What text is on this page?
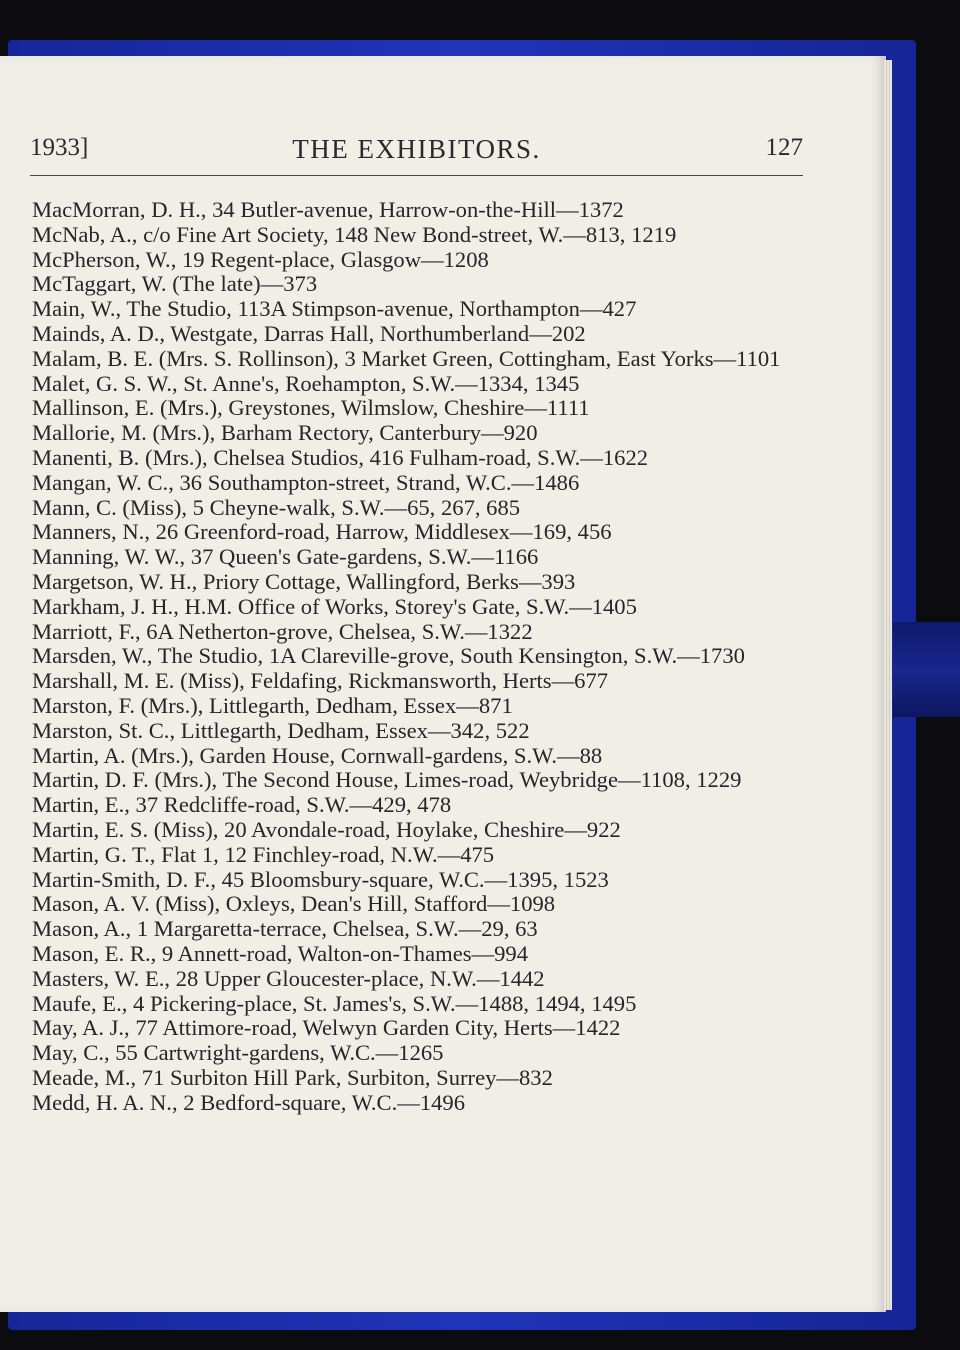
THE EXHIBITORS.
1933]	127
MacMorran, D. H., 34 Butler-avenue, Harrow-on-the-Hill—1372
McNab, A., c/o Fine Art Society, 148 New Bond-street, W.—813, 1219
McPherson, W., 19 Regent-place, Glasgow—1208
McTaggart, W. (The late)—373
Main, W., The Studio, 113A Stimpson-avenue, Northampton—427
Mainds, A. D., Westgate, Darras Hall, Northumberland—202
Malam, B. E. (Mrs. S. Rollinson), 3 Market Green, Cottingham, East Yorks—1101
Malet, G. S. W., St. Anne's, Roehampton, S.W.—1334, 1345
Mallinson, E. (Mrs.), Greystones, Wilmslow, Cheshire—1111
Mallorie, M. (Mrs.), Barham Rectory, Canterbury—920
Manenti, B. (Mrs.), Chelsea Studios, 416 Fulham-road, S.W.—1622
Mangan, W. C., 36 Southampton-street, Strand, W.C.—1486
Mann, C. (Miss), 5 Cheyne-walk, S.W.—65, 267, 685
Manners, N., 26 Greenford-road, Harrow, Middlesex—169, 456
Manning, W. W., 37 Queen's Gate-gardens, S.W.—1166
Margetson, W. H., Priory Cottage, Wallingford, Berks—393
Markham, J. H., H.M. Office of Works, Storey's Gate, S.W.—1405
Marriott, F., 6A Netherton-grove, Chelsea, S.W.—1322
Marsden, W., The Studio, 1A Clareville-grove, South Kensington, S.W.—1730
Marshall, M. E. (Miss), Feldafing, Rickmansworth, Herts—677
Marston, F. (Mrs.), Littlegarth, Dedham, Essex—871
Marston, St. C., Littlegarth, Dedham, Essex—342, 522
Martin, A. (Mrs.), Garden House, Cornwall-gardens, S.W.—88
Martin, D. F. (Mrs.), The Second House, Limes-road, Weybridge—1108, 1229
Martin, E., 37 Redcliffe-road, S.W.—429, 478
Martin, E. S. (Miss), 20 Avondale-road, Hoylake, Cheshire—922
Martin, G. T., Flat 1, 12 Finchley-road, N.W.—475
Martin-Smith, D. F., 45 Bloomsbury-square, W.C.—1395, 1523
Mason, A. V. (Miss), Oxleys, Dean's Hill, Stafford—1098
Mason, A., 1 Margaretta-terrace, Chelsea, S.W.—29, 63
Mason, E. R., 9 Annett-road, Walton-on-Thames—994
Masters, W. E., 28 Upper Gloucester-place, N.W.—1442
Maufe, E., 4 Pickering-place, St. James's, S.W.—1488, 1494, 1495
May, A. J., 77 Attimore-road, Welwyn Garden City, Herts—1422
May, C., 55 Cartwright-gardens, W.C.—1265
Meade, M., 71 Surbiton Hill Park, Surbiton, Surrey—832
Medd, H. A. N., 2 Bedford-square, W.C.—1496
